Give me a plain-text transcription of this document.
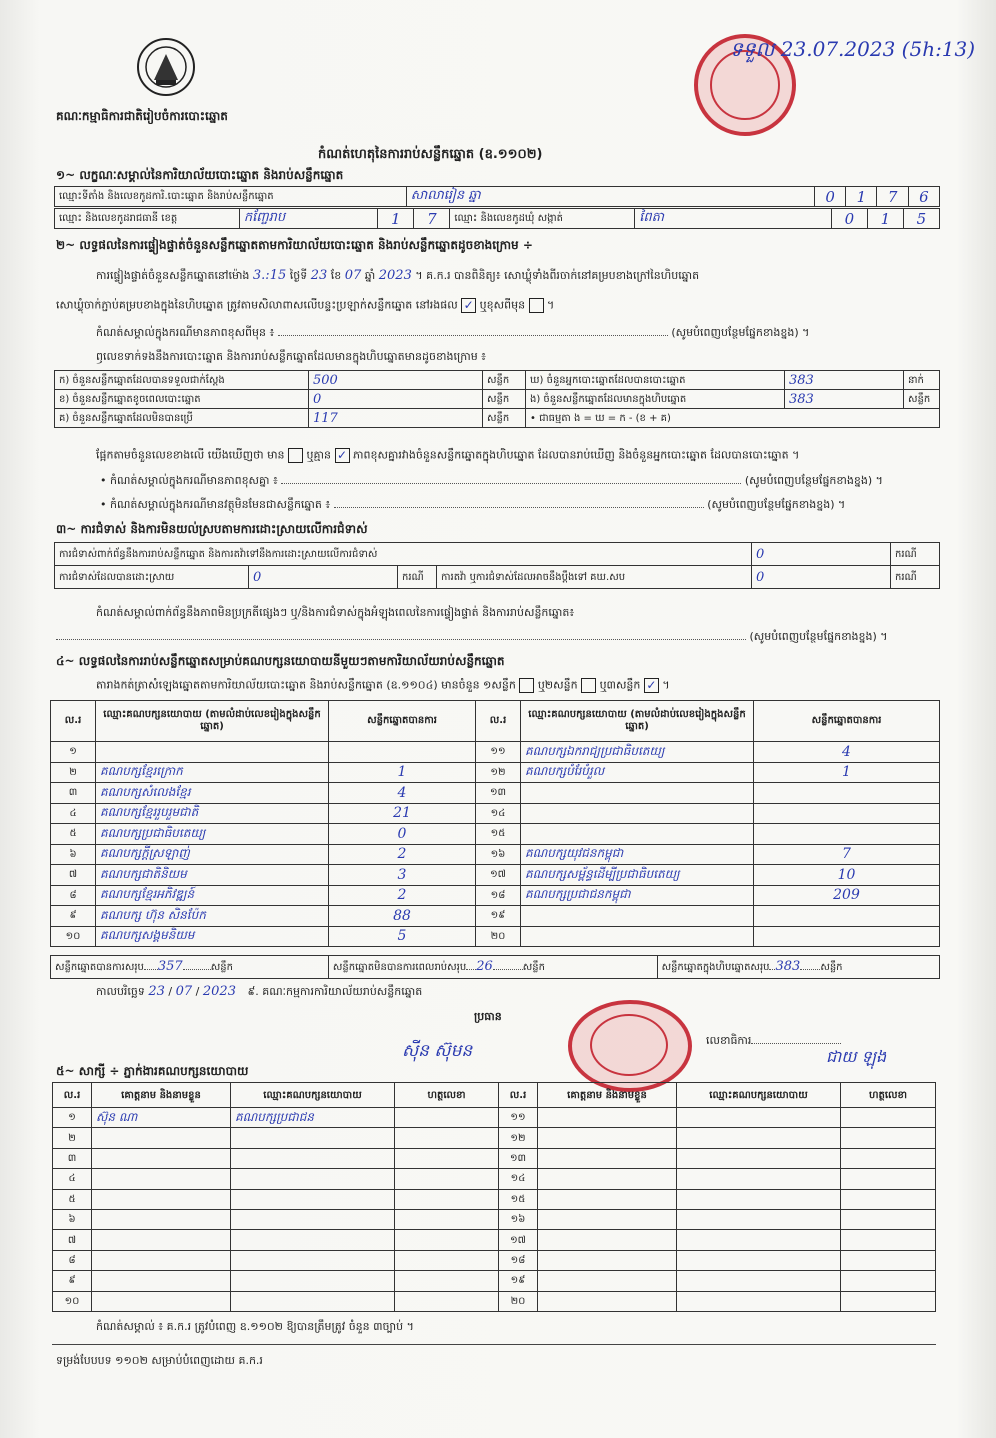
គណៈកម្មាធិការជាតិរៀបចំការបោះឆ្នោត
ទទួល 23.07.2023 (5h:13)
កំណត់ហេតុនៃការរាប់សន្លឹកឆ្នោត (ឧ.១១០២)
១~ លក្ខណៈសម្គាល់នៃការិយាល័យបោះឆ្នោត និងរាប់សន្លឹកឆ្នោត
ឈ្មោះទីតាំង និងលេខកូដការិ.បោះឆ្នោត និងរាប់សន្លឹកឆ្នោត	សាលារៀន ឆ្នា	0	1	7	6
ឈ្មោះ និងលេខកូដរាជធានី ខេត្ត	កញ្ចែរាប	1	7	ឈ្មោះ និងលេខកូដឃុំ សង្កាត់	ពៃតា	0	1	5
២~ លទ្ធផលនៃការផ្ទៀងផ្ទាត់ចំនួនសន្លឹកឆ្នោតតាមការិយាល័យបោះឆ្នោត និងរាប់សន្លឹកឆ្នោតដូចខាងក្រោម ÷
ការផ្ទៀងផ្ទាត់ចំនួនសន្លឹកឆ្នោតនៅម៉ោង 3.:15 ថ្ងៃទី 23 ខែ 07 ឆ្នាំ 2023 ។ គ.ក.រ បានពិនិត្យ៖ សោឃ្លុំទាំងពីរចាក់នៅគម្របខាងក្រៅនៃហិបឆ្នោត
សោឃ្លុំចាក់ភ្ជាប់គម្របខាងក្នុងនៃហិបឆ្នោត ត្រូវតាមសិលាពាសលើបន្ទះប្រឡាក់សន្លឹកឆ្នោត នៅរងផល ✓ ឬខុសពីមុន  ។
កំណត់សម្គាល់ក្នុងករណីមានភាពខុសពីមុន ៖	(សូមបំពេញបន្ថែមផ្នែកខាងខ្នង) ។
ឭលេខទាក់ទងនឹងការបោះឆ្នោត និងការរាប់សន្លឹកឆ្នោតដែលមានក្នុងហិបឆ្នោតមានដូចខាងក្រោម ៖
ក) ចំនួនសន្លឹកឆ្នោតដែលបានទទួលជាក់ស្តែង	500	សន្លឹក	ឃ) ចំនួនអ្នកបោះឆ្នោតដែលបានបោះឆ្នោត	383	នាក់
ខ) ចំនួនសន្លឹកឆ្នោតខូចពេលបោះឆ្នោត	0	សន្លឹក	ង) ចំនួនសន្លឹកឆ្នោតដែលមានក្នុងហិបឆ្នោត	383	សន្លឹក
គ) ចំនួនសន្លឹកឆ្នោតដែលមិនបានប្រើ	117	សន្លឹក	• ជាធម្មតា ង = ឃ = ក - (ខ + គ)		
ផ្អែកតាមចំនួនលេខខាងលើ យើងឃើញថា មាន ឬគ្មាន ✓ ភាពខុសគ្នារវាងចំនួនសន្លឹកឆ្នោតក្នុងហិបឆ្នោត ដែលបានរាប់ឃើញ និងចំនួនអ្នកបោះឆ្នោត ដែលបានបោះឆ្នោត ។
• កំណត់សម្គាល់ក្នុងករណីមានភាពខុសគ្នា ៖	(សូមបំពេញបន្ថែមផ្នែកខាងខ្នង) ។
• កំណត់សម្គាល់ក្នុងករណីមានវត្ថុមិនមែនជាសន្លឹកឆ្នោត ៖	(សូមបំពេញបន្ថែមផ្នែកខាងខ្នង) ។
៣~ ការជំទាស់ និងការមិនយល់ស្របតាមការដោះស្រាយលើការជំទាស់
ការជំទាស់ពាក់ព័ន្ធនឹងការរាប់សន្លឹកឆ្នោត និងការតវ៉ាទៅនឹងការដោះស្រាយលើការជំទាស់				0	ករណី
ការជំទាស់ដែលបានដោះស្រាយ	0	ករណី	ការតវ៉ា ឬការជំទាស់ដែលអាចនឹងប្តឹងទៅ គឃ.សប	0	ករណី
កំណត់សម្គាល់ពាក់ព័ន្ធនឹងភាពមិនប្រក្រតីផ្សេងៗ ឬ/និងការជំទាស់ក្នុងអំឡុងពេលនៃការផ្ទៀងផ្ទាត់ និងការរាប់សន្លឹកឆ្នោត៖
(សូមបំពេញបន្ថែមផ្នែកខាងខ្នង) ។
៤~ លទ្ធផលនៃការរាប់សន្លឹកឆ្នោតសម្រាប់គណបក្សនយោបាយនីមួយៗតាមការិយាល័យរាប់សន្លឹកឆ្នោត
តារាងកត់ត្រាសំឡេងឆ្នោតតាមការិយាល័យបោះឆ្នោត និងរាប់សន្លឹកឆ្នោត (ឧ.១១០៤) មានចំនួន ១សន្លឹក ឬ២សន្លឹក ឬ៣សន្លឹក ✓ ។
ល.រ	ឈ្មោះគណបក្សនយោបាយ (តាមលំដាប់លេខរៀងក្នុងសន្លឹកឆ្នោត)	សន្លឹកឆ្នោតបានការ	ល.រ	ឈ្មោះគណបក្សនយោបាយ (តាមលំដាប់លេខរៀងក្នុងសន្លឹកឆ្នោត)	សន្លឹកឆ្នោតបានការ
១			១១	គណបក្សឯករាជ្យប្រជាធិបតេយ្យ	4
២	គណបក្សខ្មែរក្រោក	1	១២	គណបក្សបំរែបំរួល	1
៣	គណបក្សសំលេងខ្មែរ	4	១៣		
៤	គណបក្សខ្មែររួបរួមជាតិ	21	១៤		
៥	គណបក្សប្រជាធិបតេយ្យ	0	១៥		
៦	គណបក្សក្តីស្រឡាញ់	2	១៦	គណបក្សយុវជនកម្ពុជា	7
៧	គណបក្សជាតិនិយម	3	១៧	គណបក្សសម្ព័ន្ធដើម្បីប្រជាធិបតេយ្យ	10
៨	គណបក្សខ្មែរអភិវឌ្ឍន៍	2	១៨	គណបក្សប្រជាជនកម្ពុជា	209
៩	គណបក្ស ហ៊ុន សិនប៉ែក	88	១៩		
១០	គណបក្សសង្គមនិយម	5	២០		
សន្លឹកឆ្នោតបានការសរុប 357	សន្លឹក	សន្លឹកឆ្នោតមិនបានការពេលរាប់សរុប 26	សន្លឹក	សន្លឹកឆ្នោតក្នុងហិបឆ្នោតសរុប 383 សន្លឹក
កាលបរិច្ឆេទ 23 / 07 / 2023 ៩. គណៈកម្មការការិយាល័យរាប់សន្លឹកឆ្នោត
ប្រធាន
ស៊ីន ស៊ុមន
លេខាធិការ
ជាយ ឡុង
៥~ សាក្សី ÷ ភ្នាក់ងារគណបក្សនយោបាយ
ល.រ	គោត្តនាម និងនាមខ្លួន	ឈ្មោះគណបក្សនយោបាយ	ហត្ថលេខា	ល.រ	គោត្តនាម និងនាមខ្លួន	ឈ្មោះគណបក្សនយោបាយ	ហត្ថលេខា
១	ស៊ុន ណា	គណបក្សប្រជាជន		១១			
២				១២			
៣				១៣			
៤				១៤			
៥				១៥			
៦				១៦			
៧				១៧			
៨				១៨			
៩				១៩			
១០				២០			
កំណត់សម្គាល់ ៖ គ.ក.រ ត្រូវបំពេញ ឧ.១១០២ ឱ្យបានត្រឹមត្រូវ ចំនួន ៣ច្បាប់ ។
ទម្រង់បែបបទ ១១០២ សម្រាប់បំពេញដោយ គ.ក.រ
